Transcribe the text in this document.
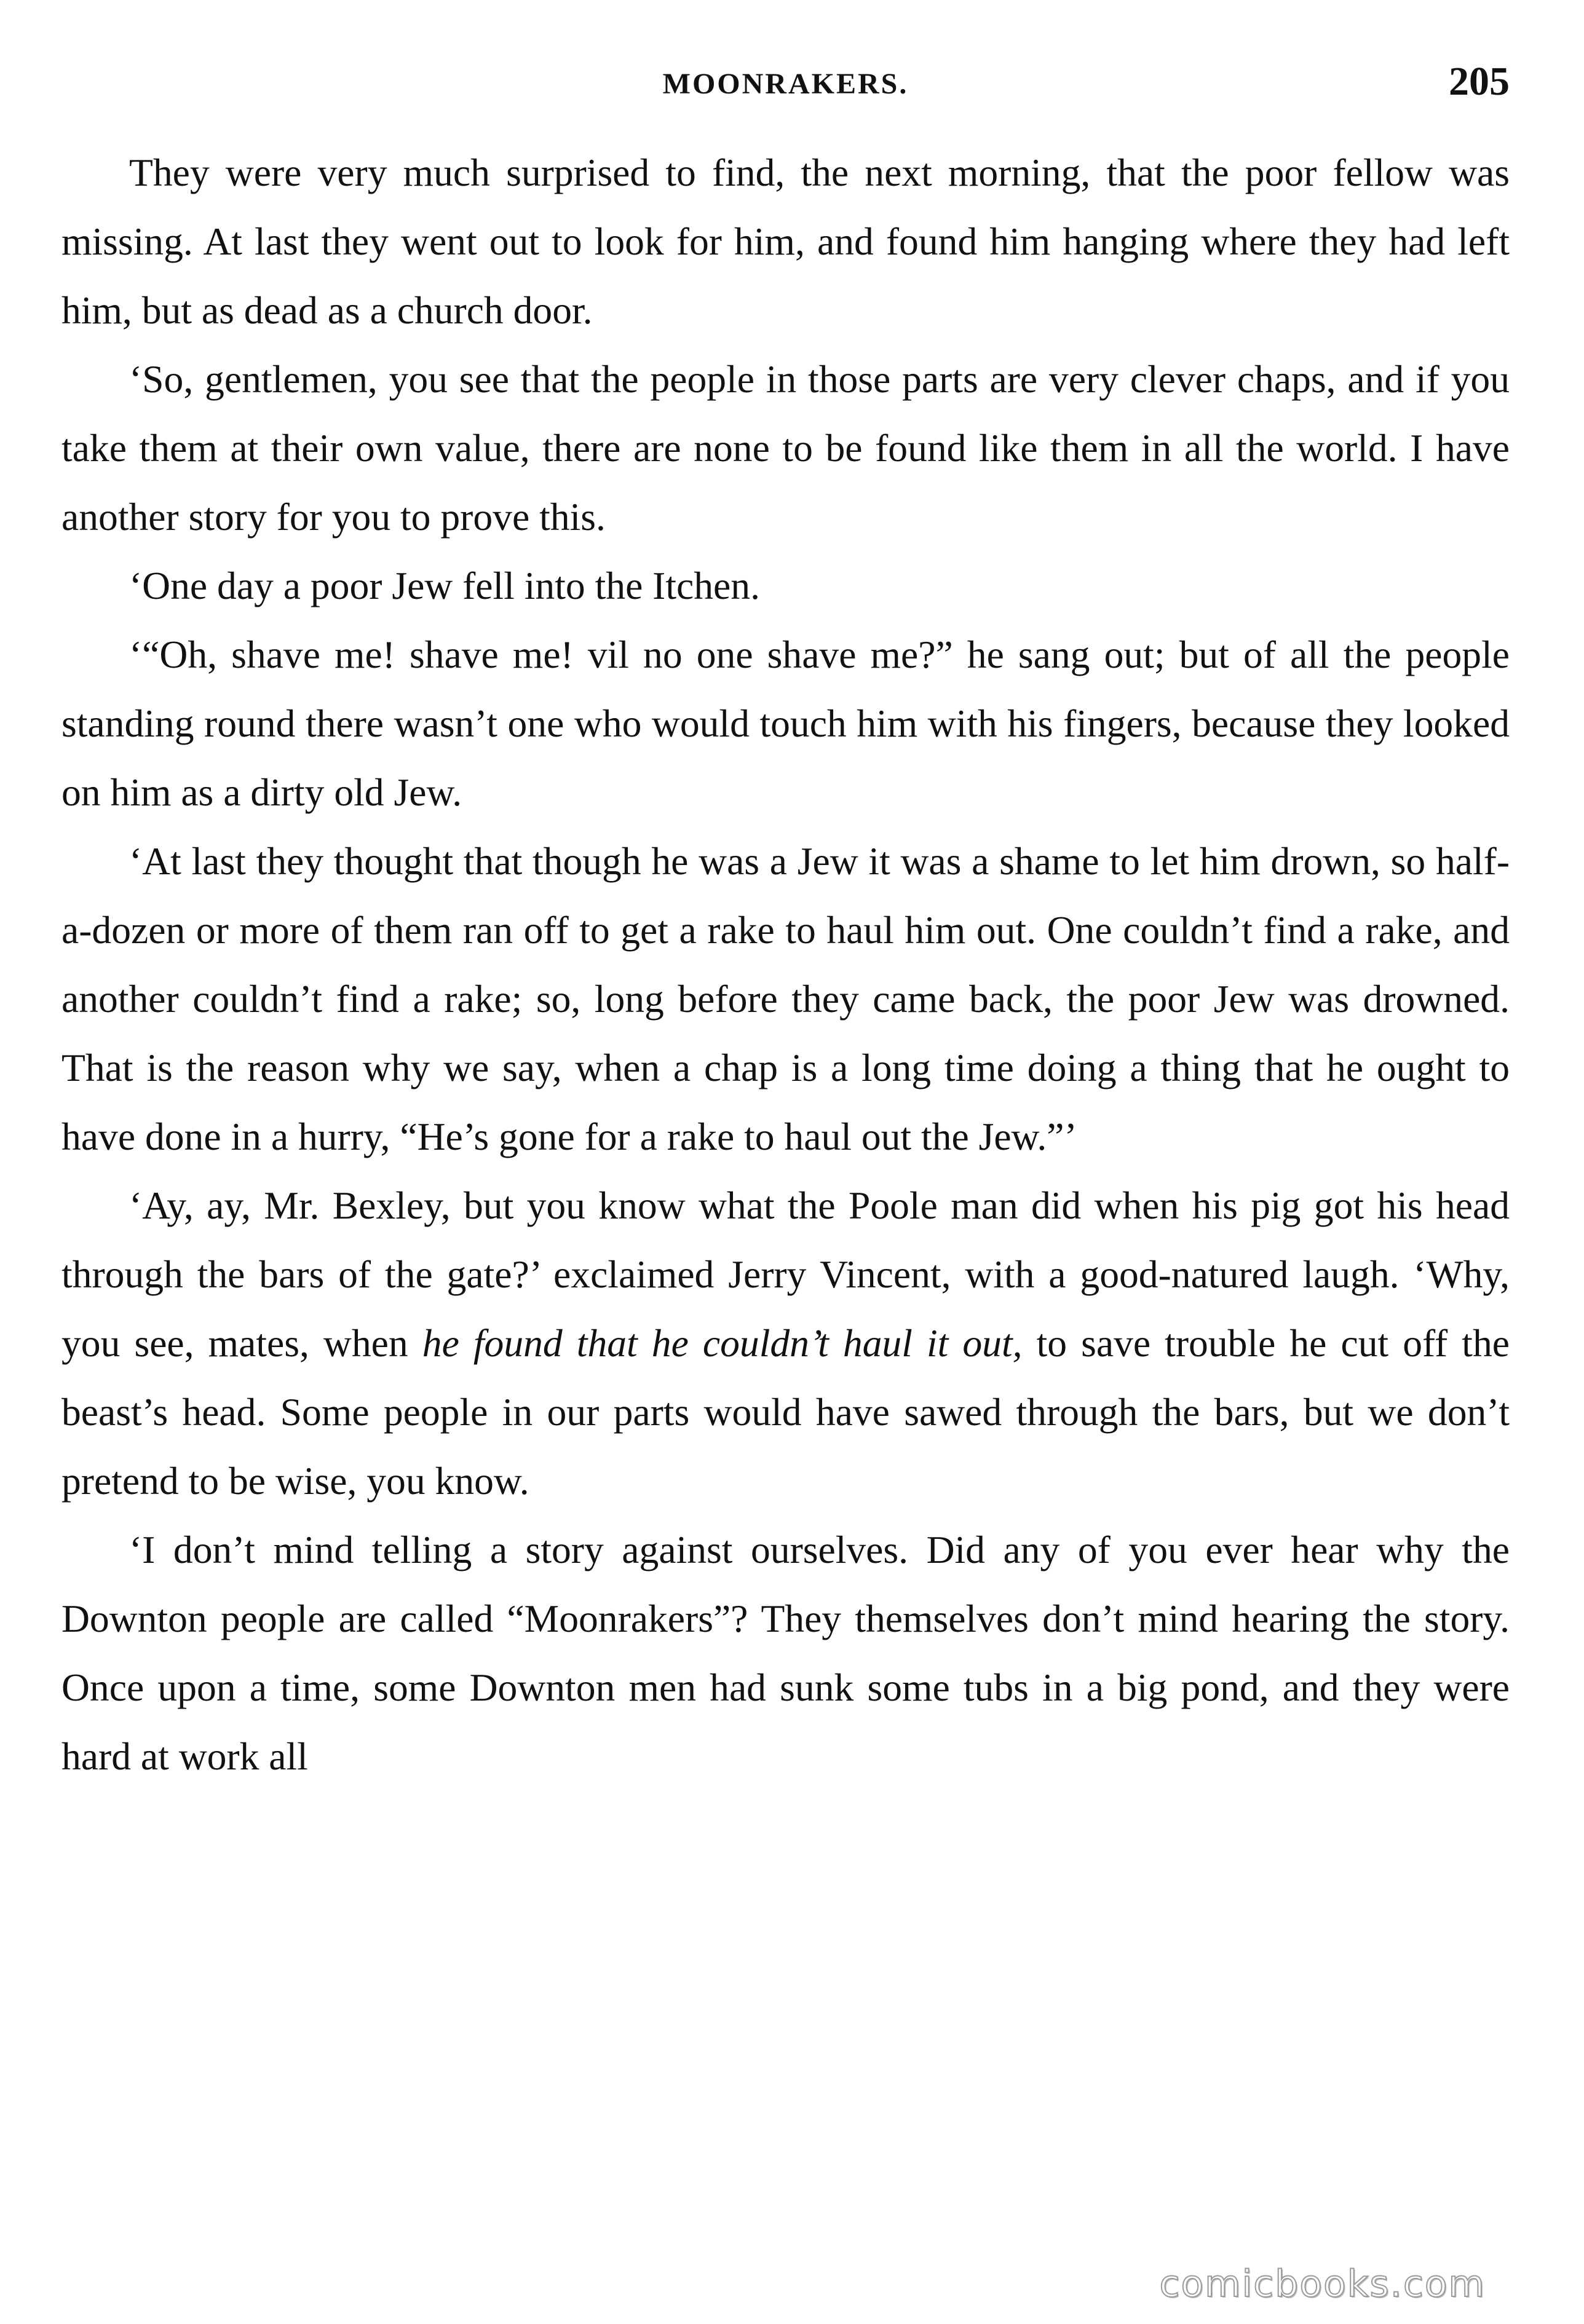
MOONRAKERS.	205

They were very much surprised to find, the next morning, that the poor fellow was missing. At last they went out to look for him, and found him hanging where they had left him, but as dead as a church door.

‘So, gentlemen, you see that the people in those parts are very clever chaps, and if you take them at their own value, there are none to be found like them in all the world. I have another story for you to prove this.

‘One day a poor Jew fell into the Itchen.

‘“Oh, shave me! shave me! vil no one shave me?” he sang out; but of all the people standing round there wasn’t one who would touch him with his fingers, because they looked on him as a dirty old Jew.

‘At last they thought that though he was a Jew it was a shame to let him drown, so half-a-dozen or more of them ran off to get a rake to haul him out. One couldn’t find a rake, and another couldn’t find a rake; so, long before they came back, the poor Jew was drowned. That is the reason why we say, when a chap is a long time doing a thing that he ought to have done in a hurry, “He’s gone for a rake to haul out the Jew.”’

‘Ay, ay, Mr. Bexley, but you know what the Poole man did when his pig got his head through the bars of the gate?’ exclaimed Jerry Vincent, with a good-natured laugh. ‘Why, you see, mates, when he found that he couldn’t haul it out, to save trouble he cut off the beast’s head. Some people in our parts would have sawed through the bars, but we don’t pretend to be wise, you know.

‘I don’t mind telling a story against ourselves. Did any of you ever hear why the Downton people are called “Moonrakers”? They themselves don’t mind hearing the story. Once upon a time, some Downton men had sunk some tubs in a big pond, and they were hard at work all

comicbooks.com
